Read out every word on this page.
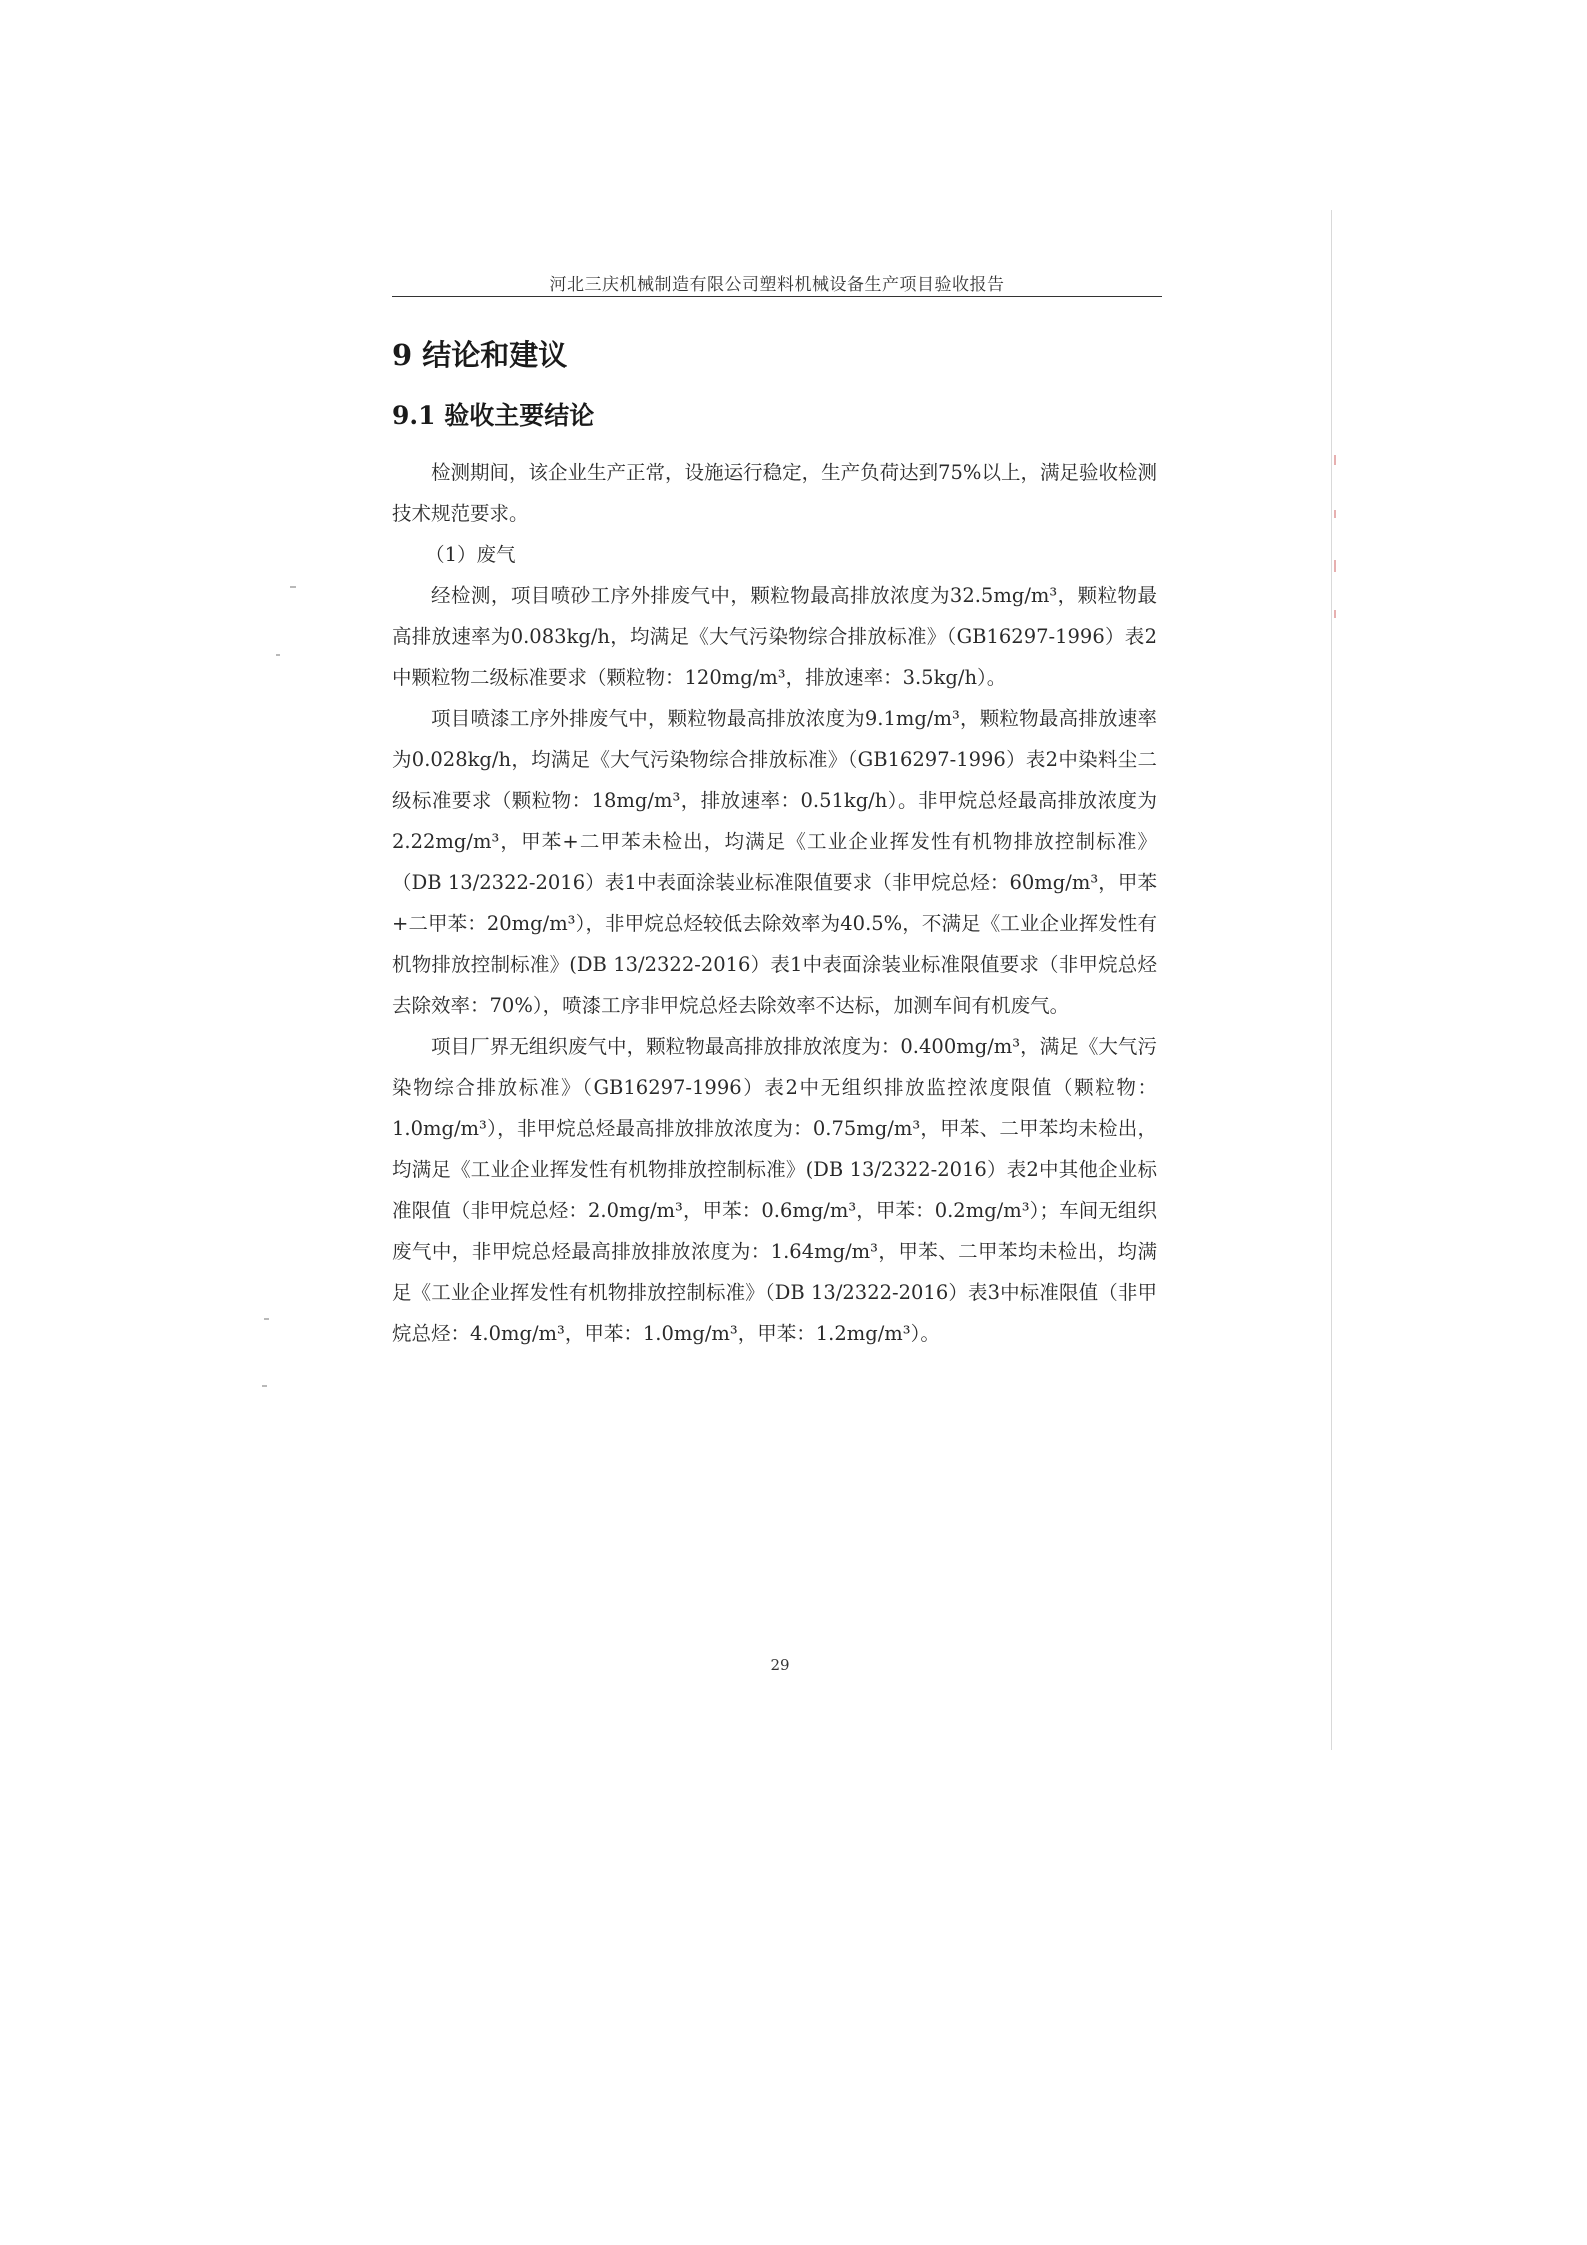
河北三庆机械制造有限公司塑料机械设备生产项目验收报告
9 结论和建议
9.1 验收主要结论

检测期间，该企业生产正常，设施运行稳定，生产负荷达到75%以上，满足验收检测技术规范要求。

（1）废气

经检测，项目喷砂工序外排废气中，颗粒物最高排放浓度为32.5mg/m³，颗粒物最高排放速率为0.083kg/h，均满足《大气污染物综合排放标准》（GB16297-1996）表2中颗粒物二级标准要求（颗粒物：120mg/m³，排放速率：3.5kg/h）。

项目喷漆工序外排废气中，颗粒物最高排放浓度为9.1mg/m³，颗粒物最高排放速率为0.028kg/h，均满足《大气污染物综合排放标准》（GB16297-1996）表2中染料尘二级标准要求（颗粒物：18mg/m³，排放速率：0.51kg/h）。非甲烷总烃最高排放浓度为2.22mg/m³，甲苯+二甲苯未检出，均满足《工业企业挥发性有机物排放控制标准》（DB 13/2322-2016）表1中表面涂装业标准限值要求（非甲烷总烃：60mg/m³，甲苯+二甲苯：20mg/m³），非甲烷总烃较低去除效率为40.5%，不满足《工业企业挥发性有机物排放控制标准》(DB 13/2322-2016）表1中表面涂装业标准限值要求（非甲烷总烃去除效率：70%），喷漆工序非甲烷总烃去除效率不达标，加测车间有机废气。

项目厂界无组织废气中，颗粒物最高排放排放浓度为：0.400mg/m³，满足《大气污染物综合排放标准》（GB16297-1996）表2中无组织排放监控浓度限值（颗粒物：1.0mg/m³），非甲烷总烃最高排放排放浓度为：0.75mg/m³，甲苯、二甲苯均未检出，均满足《工业企业挥发性有机物排放控制标准》(DB 13/2322-2016）表2中其他企业标准限值（非甲烷总烃：2.0mg/m³，甲苯：0.6mg/m³，甲苯：0.2mg/m³）；车间无组织废气中，非甲烷总烃最高排放排放浓度为：1.64mg/m³，甲苯、二甲苯均未检出，均满足《工业企业挥发性有机物排放控制标准》（DB 13/2322-2016）表3中标准限值（非甲烷总烃：4.0mg/m³，甲苯：1.0mg/m³，甲苯：1.2mg/m³）。

29
